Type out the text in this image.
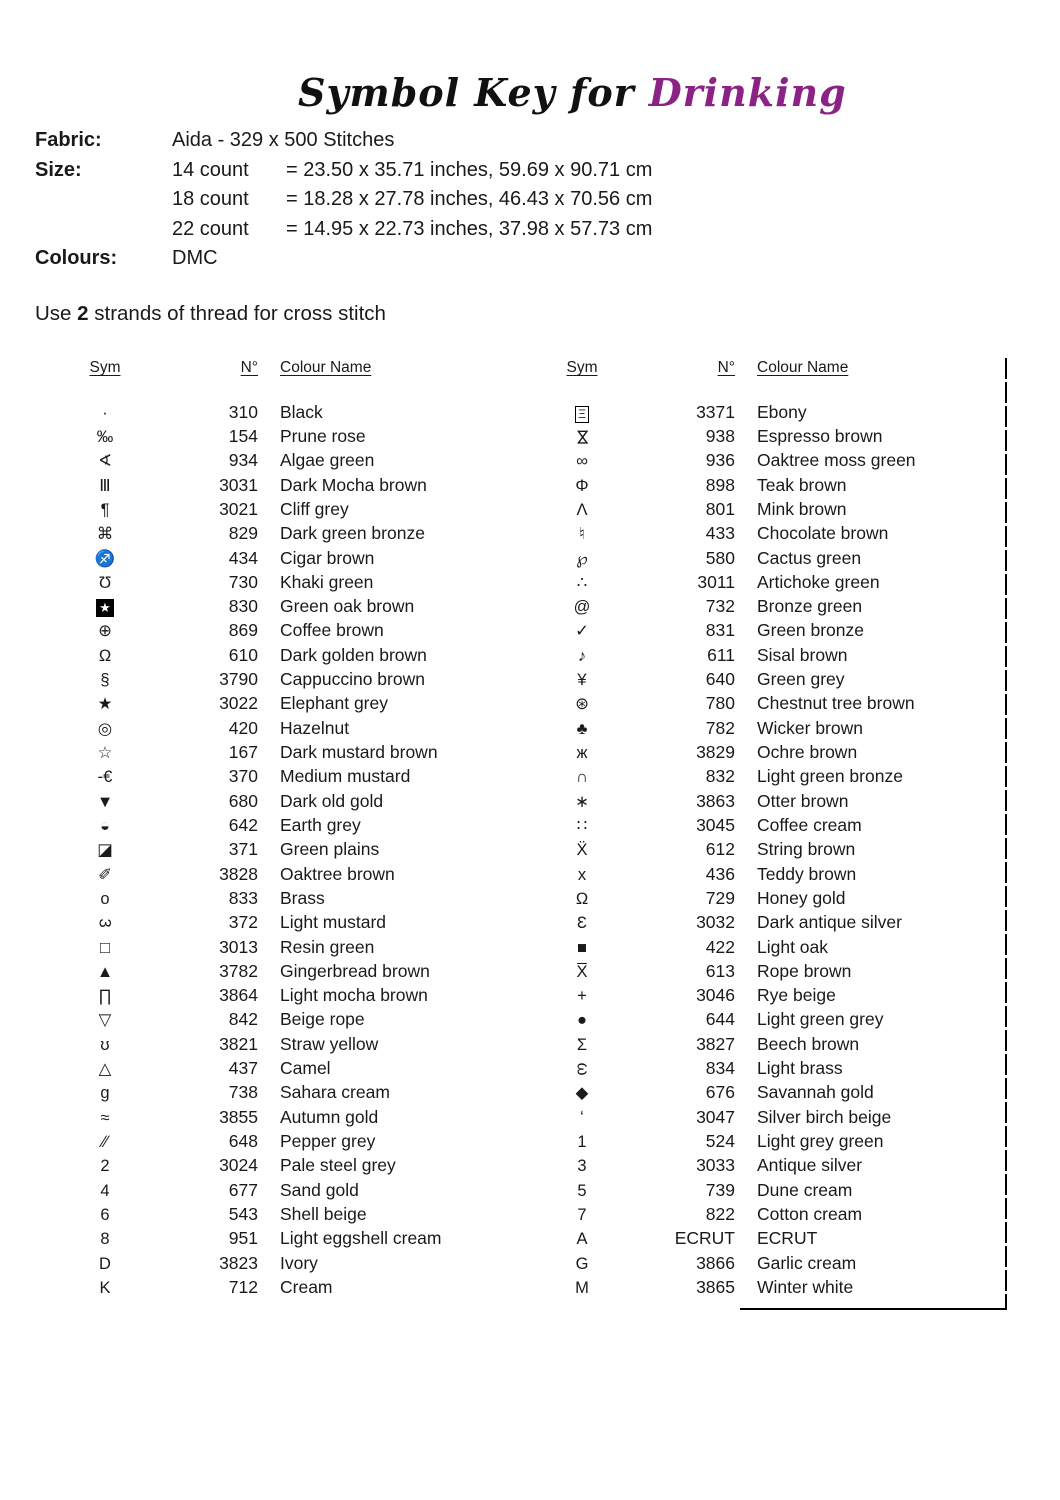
Symbol Key for Drinking
Fabric:	Aida - 329 x 500 Stitches
Size:	14 count	= 23.50 x 35.71 inches, 59.69 x 90.71 cm
18 count	= 18.28 x 27.78 inches, 46.43 x 70.56 cm
22 count	= 14.95 x 22.73 inches, 37.98 x 57.73 cm
Colours:	DMC

Use 2 strands of thread for cross stitch

Sym	N° Colour Name	Sym	N° Colour Name
·	310 Black
‰	154 Prune rose
∢	934 Algae green
Ⅲ	3031 Dark Mocha brown
¶	3021 Cliff grey
⌘	829 Dark green bronze
♐	434 Cigar brown
Ʊ	730 Khaki green
★	830 Green oak brown
⊕	869 Coffee brown
Ω	610 Dark golden brown
§	3790 Cappuccino brown
★	3022 Elephant grey
◎	420 Hazelnut
☆	167 Dark mustard brown
-€	370 Medium mustard
▼	680 Dark old gold
◒	642 Earth grey
◪	371 Green plains
✐	3828 Oaktree brown
o	833 Brass
3	372 Light mustard
□	3013 Resin green
▲	3782 Gingerbread brown
∏	3864 Light mocha brown
▽	842 Beige rope
ʊ	3821 Straw yellow
△	437 Camel
g	738 Sahara cream
≈	3855 Autumn gold
∕∕	648 Pepper grey
2	3024 Pale steel grey
4	677 Sand gold
6	543 Shell beige
8	951 Light eggshell cream
D	3823 Ivory
K	712 Cream
Ξ	3371 Ebony
⋈	938 Espresso brown
∞	936 Oaktree moss green
Φ	898 Teak brown
Λ	801 Mink brown
♮	433 Chocolate brown
℘	580 Cactus green
∴	3011 Artichoke green
@	732 Bronze green
✓	831 Green bronze
♪	611 Sisal brown
¥	640 Green grey
⊛	780 Chestnut tree brown
♣	782 Wicker brown
ж	3829 Ochre brown
∩	832 Light green bronze
∗	3863 Otter brown
∷	3045 Coffee cream
Ẍ	612 String brown
x	436 Teddy brown
Ω	729 Honey gold
Ɛ	3032 Dark antique silver
■	422 Light oak
X̅	613 Rope brown
+	3046 Rye beige
●	644 Light green grey
Σ	3827 Beech brown
ω	834 Light brass
◆	676 Savannah gold
ʻ	3047 Silver birch beige
1	524 Light grey green
3	3033 Antique silver
5	739 Dune cream
7	822 Cotton cream
A	ECRUT ECRUT
G	3866 Garlic cream
M	3865 Winter white
